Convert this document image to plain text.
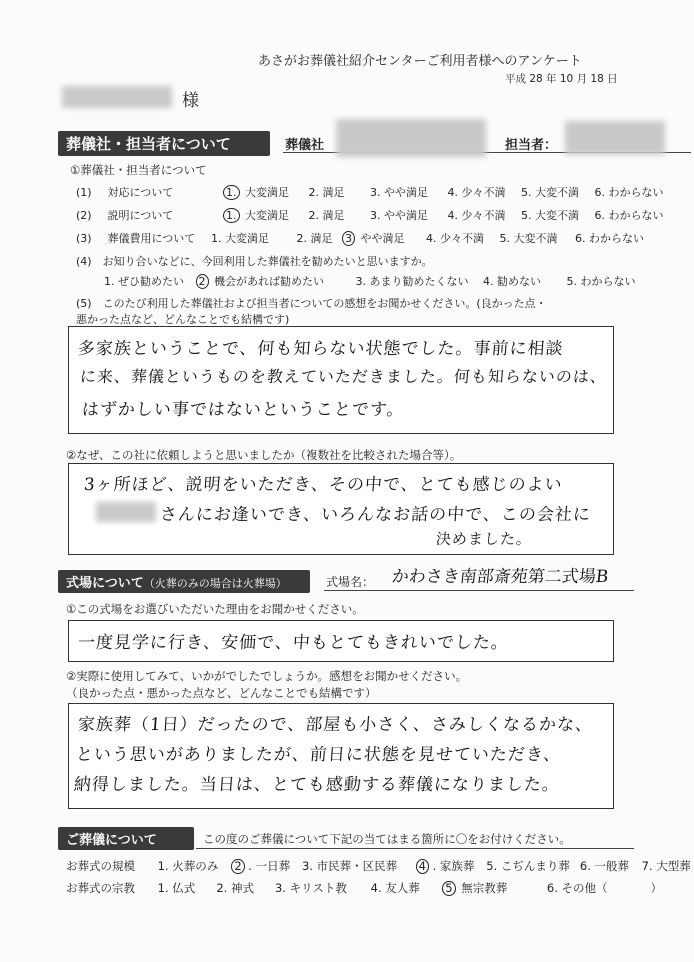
あさがお葬儀社紹介センターご利用者様へのアンケート
平成 28 年 10 月 18 日
様
葬儀社・担当者について	葬儀社	担当者：
①葬儀社・担当者について
(1) 対応について	1. 大変満足 2. 満足 3. やや満足 4. 少々不満 5. 大変不満 6. わからない
(2) 説明について	1. 大変満足 2. 満足 3. やや満足 4. 少々不満 5. 大変不満 6. わからない
(3) 葬儀費用について 1. 大変満足	2. 満足 3 やや満足 4. 少々不満 5. 大変不満 6. わからない
(4)　お知り合いなどに、今回利用した葬儀社を勧めたいと思いますか。
1. ぜひ勧めたい 2 機会があれば勧めたい	3. あまり勧めたくない 4. 勧めない 5. わからない
(5)　このたび利用した葬儀社および担当者についての感想をお聞かせください。(良かった点・
悪かった点など、どんなことでも結構です)
多家族ということで、何も知らない状態でした。事前に相談
に来、葬儀というものを教えていただきました。何も知らないのは、
はずかしい事ではないということです。
②なぜ、この社に依頼しようと思いましたか（複数社を比較された場合等）。
3ヶ所ほど、説明をいただき、その中で、とても感じのよい
さんにお逢いでき、いろんなお話の中で、この会社に
決めました。
式場について（火葬のみの場合は火葬場）	式場名： かわさき南部斎苑第二式場B
①この式場をお選びいただいた理由をお聞かせください。
一度見学に行き、安価で、中もとてもきれいでした。
②実際に使用してみて、いかがでしたでしょうか。感想をお聞かせください。
（良かった点・悪かった点など、どんなことでも結構です）
家族葬（1日）だったので、部屋も小さく、さみしくなるかな、
という思いがありましたが、前日に状態を見せていただき、
納得しました。当日は、とても感動する葬儀になりました。
ご葬儀について	この度のご葬儀について下記の当てはまる箇所に〇をお付けください。
お葬式の規模 1. 火葬のみ 2 . 一日葬 3. 市民葬・区民葬 4 . 家族葬 5. こぢんまり葬 6. 一般葬 7. 大型葬
お葬式の宗教 1. 仏式 2. 神式 3. キリスト教 4. 友人葬 5 無宗教葬	6. その他（	）
